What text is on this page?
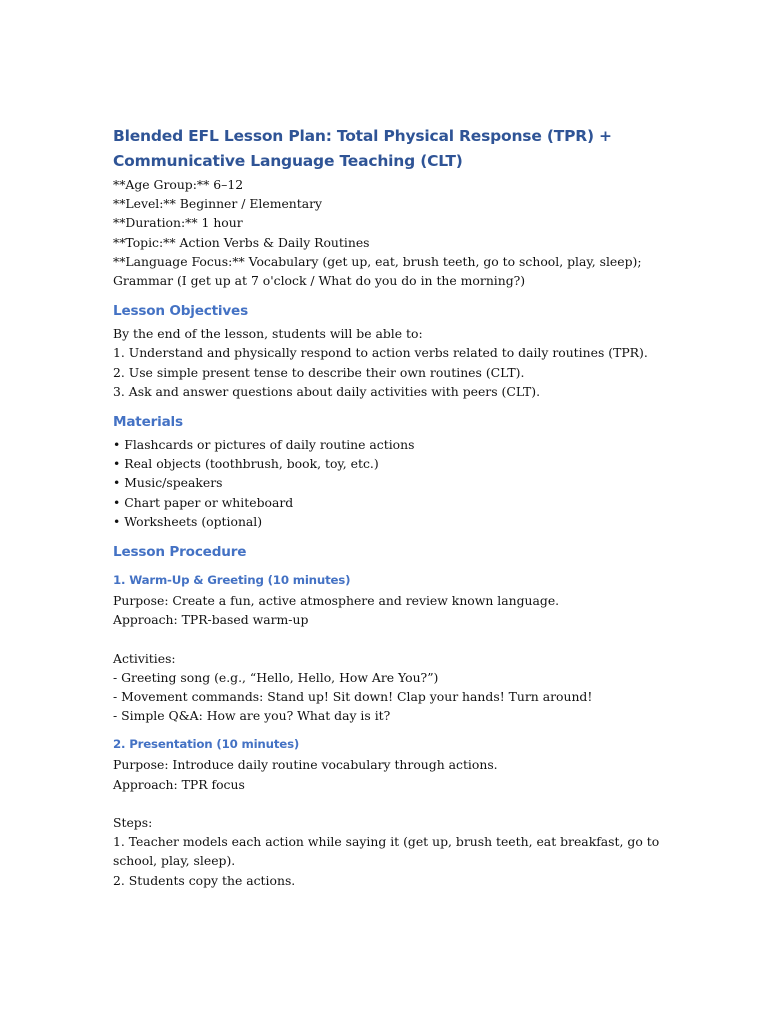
Blended EFL Lesson Plan: Total Physical Response (TPR) + Communicative Language Teaching (CLT)

**Age Group:** 6–12

**Level:** Beginner / Elementary

**Duration:** 1 hour

**Topic:** Action Verbs & Daily Routines

**Language Focus:** Vocabulary (get up, eat, brush teeth, go to school, play, sleep);

Grammar (I get up at 7 o'clock / What do you do in the morning?)

Lesson Objectives

By the end of the lesson, students will be able to:

1. Understand and physically respond to action verbs related to daily routines (TPR).

2. Use simple present tense to describe their own routines (CLT).

3. Ask and answer questions about daily activities with peers (CLT).

Materials

• Flashcards or pictures of daily routine actions

• Real objects (toothbrush, book, toy, etc.)

• Music/speakers

• Chart paper or whiteboard

• Worksheets (optional)

Lesson Procedure
1. Warm-Up & Greeting (10 minutes)

Purpose: Create a fun, active atmosphere and review known language.

Approach: TPR-based warm-up

Activities:

- Greeting song (e.g., “Hello, Hello, How Are You?”)

- Movement commands: Stand up! Sit down! Clap your hands! Turn around!

- Simple Q&A: How are you? What day is it?

2. Presentation (10 minutes)

Purpose: Introduce daily routine vocabulary through actions.

Approach: TPR focus

Steps:

1. Teacher models each action while saying it (get up, brush teeth, eat breakfast, go to

school, play, sleep).

2. Students copy the actions.
